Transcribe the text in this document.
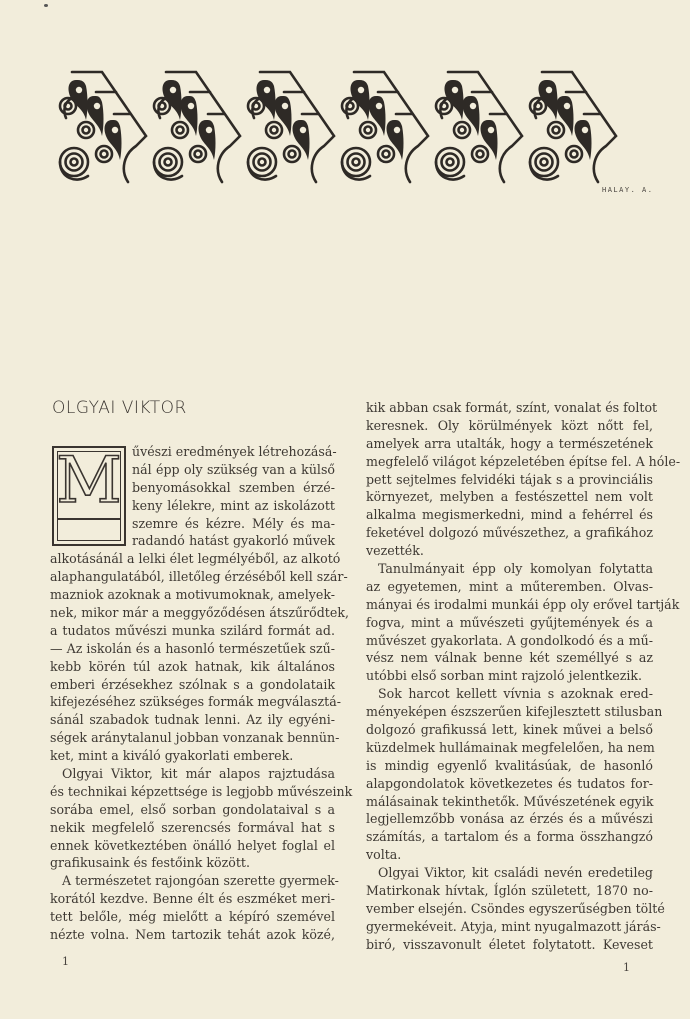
HALAY. A.
OLGYAI VIKTOR
M űvészi eredmények létrehozásá-
nál épp oly szükség van a külső
benyomásokkal szemben érzé-
keny lélekre, mint az iskolázott
szemre és kézre. Mély és ma-
radandó hatást gyakorló művek
alkotásánál a lelki élet legmélyéből, az alkotó
alaphangulatából, illetőleg érzéséből kell szár-
mazniok azoknak a motivumoknak, amelyek-
nek, mikor már a meggyőződésen átszűrődtek,
a tudatos művészi munka szilárd formát ad.
— Az iskolán és a hasonló természetűek szű-
kebb körén túl azok hatnak, kik általános
emberi érzésekhez szólnak s a gondolataik
kifejezéséhez szükséges formák megválasztá-
sánál szabadok tudnak lenni. Az ily egyéni-
ségek aránytalanul jobban vonzanak bennün-
ket, mint a kiváló gyakorlati emberek.
Olgyai Viktor, kit már alapos rajztudása
és technikai képzettsége is legjobb művészeink
sorába emel, első sorban gondolataival s a
nekik megfelelő szerencsés formával hat s
ennek következtében önálló helyet foglal el
grafikusaink és festőink között.
A természetet rajongóan szerette gyermek-
korától kezdve. Benne élt és eszméket meri-
tett belőle, még mielőtt a képíró szemével
nézte volna. Nem tartozik tehát azok közé,
kik abban csak formát, színt, vonalat és foltot
keresnek. Oly körülmények közt nőtt fel,
amelyek arra utalták, hogy a természetének
megfelelő világot képzeletében építse fel. A hóle-
pett sejtelmes felvidéki tájak s a provinciális
környezet, melyben a festészettel nem volt
alkalma megismerkedni, mind a fehérrel és
feketével dolgozó művészethez, a grafikához
vezették.
Tanulmányait épp oly komolyan folytatta
az egyetemen, mint a műteremben. Olvas-
mányai és irodalmi munkái épp oly erővel tartják
fogva, mint a művészeti gyűjtemények és a
művészet gyakorlata. A gondolkodó és a mű-
vész nem válnak benne két személlyé s az
utóbbi első sorban mint rajzoló jelentkezik.
Sok harcot kellett vívnia s azoknak ered-
ményeképen észszerűen kifejlesztett stilusban
dolgozó grafikussá lett, kinek művei a belső
küzdelmek hullámainak megfelelően, ha nem
is mindig egyenlő kvalitásúak, de hasonló
alapgondolatok következetes és tudatos for-
málásainak tekinthetők. Művészetének egyik
legjellemzőbb vonása az érzés és a művészi
számítás, a tartalom és a forma összhangzó
volta.
Olgyai Viktor, kit családi nevén eredetileg
Matirkonak hívtak, Íglón született, 1870 no-
vember elsején. Csöndes egyszerűségben tölté
gyermekéveit. Atyja, mint nyugalmazott járás-
biró, visszavonult életet folytatott. Keveset
1	1
